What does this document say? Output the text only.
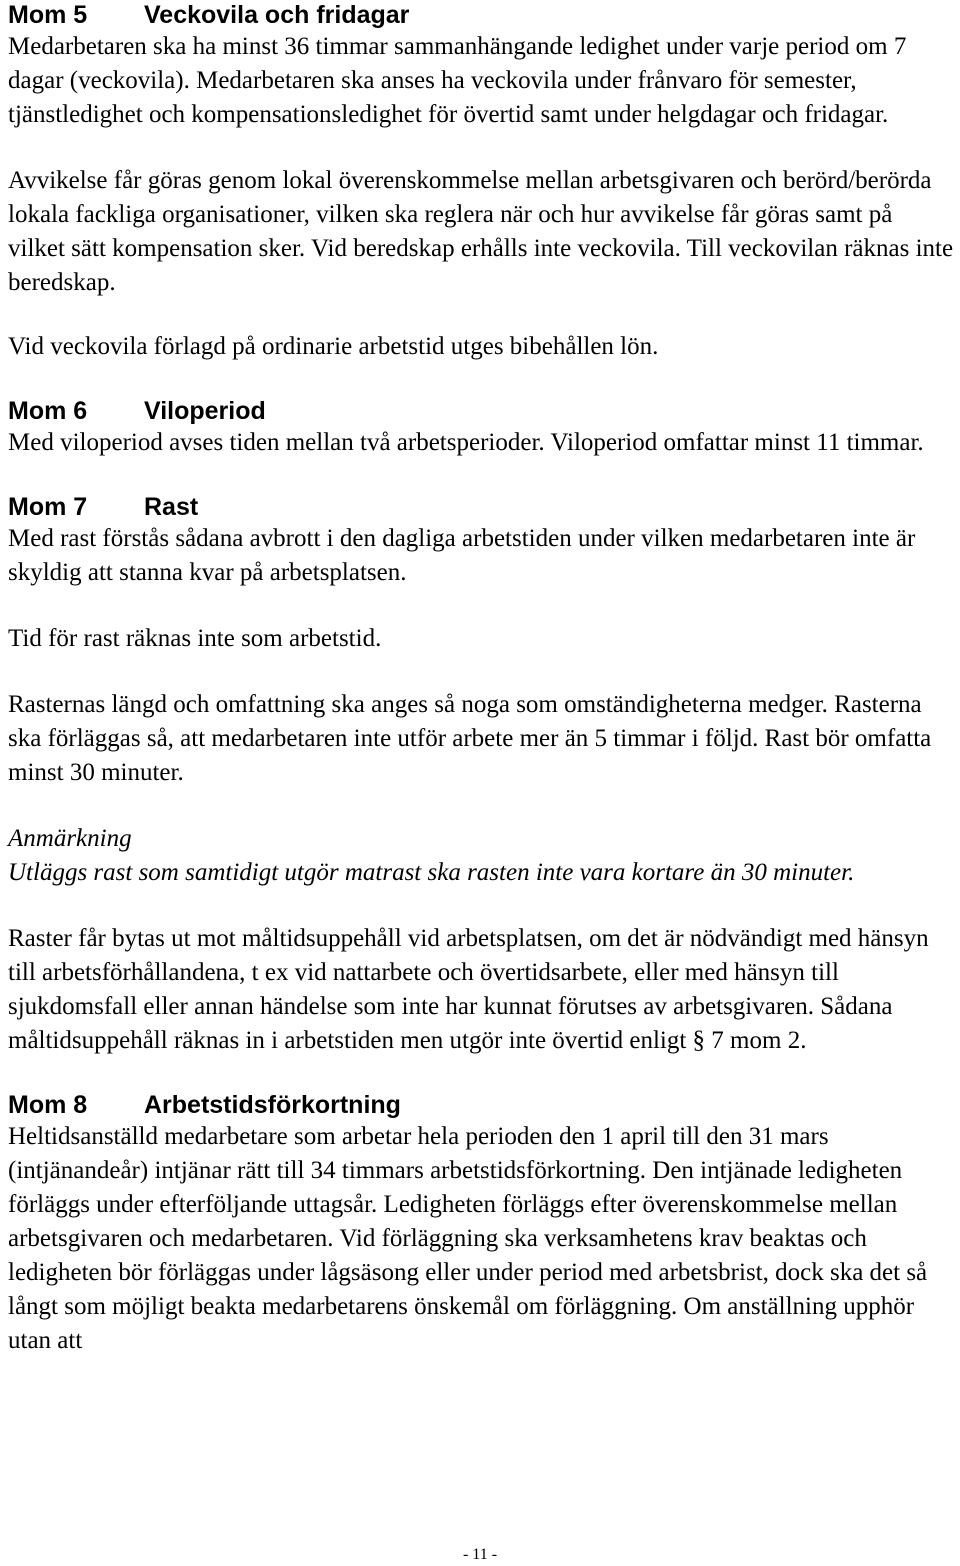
Mom 5 Veckovila och fridagar

Medarbetaren ska ha minst 36 timmar sammanhängande ledighet under varje period om 7 dagar (veckovila). Medarbetaren ska anses ha veckovila under frånvaro för semester, tjänstledighet och kompensationsledighet för övertid samt under helgdagar och fridagar.

Avvikelse får göras genom lokal överenskommelse mellan arbetsgivaren och berörd/berörda lokala fackliga organisationer, vilken ska reglera när och hur avvikelse får göras samt på vilket sätt kompensation sker. Vid beredskap erhålls inte veckovila. Till veckovilan räknas inte beredskap.

Vid veckovila förlagd på ordinarie arbetstid utges bibehållen lön.

Mom 6 Viloperiod

Med viloperiod avses tiden mellan två arbetsperioder. Viloperiod omfattar minst 11 timmar.

Mom 7 Rast

Med rast förstås sådana avbrott i den dagliga arbetstiden under vilken medarbetaren inte är skyldig att stanna kvar på arbetsplatsen.

Tid för rast räknas inte som arbetstid.

Rasternas längd och omfattning ska anges så noga som omständigheterna medger. Rasterna ska förläggas så, att medarbetaren inte utför arbete mer än 5 timmar i följd. Rast bör omfatta minst 30 minuter.

Anmärkning

Utläggs rast som samtidigt utgör matrast ska rasten inte vara kortare än 30 minuter.

Raster får bytas ut mot måltidsuppehåll vid arbetsplatsen, om det är nödvändigt med hänsyn till arbetsförhållandena, t ex vid nattarbete och övertidsarbete, eller med hänsyn till sjukdomsfall eller annan händelse som inte har kunnat förutses av arbetsgivaren. Sådana måltidsuppehåll räknas in i arbetstiden men utgör inte övertid enligt § 7 mom 2.

Mom 8 Arbetstidsförkortning

Heltidsanställd medarbetare som arbetar hela perioden den 1 april till den 31 mars (intjänandeår) intjänar rätt till 34 timmars arbetstidsförkortning. Den intjänade ledigheten förläggs under efterföljande uttagsår. Ledigheten förläggs efter överenskommelse mellan arbetsgivaren och medarbetaren. Vid förläggning ska verksamhetens krav beaktas och ledigheten bör förläggas under lågsäsong eller under period med arbetsbrist, dock ska det så långt som möjligt beakta medarbetarens önskemål om förläggning. Om anställning upphör utan att

- 11 -
